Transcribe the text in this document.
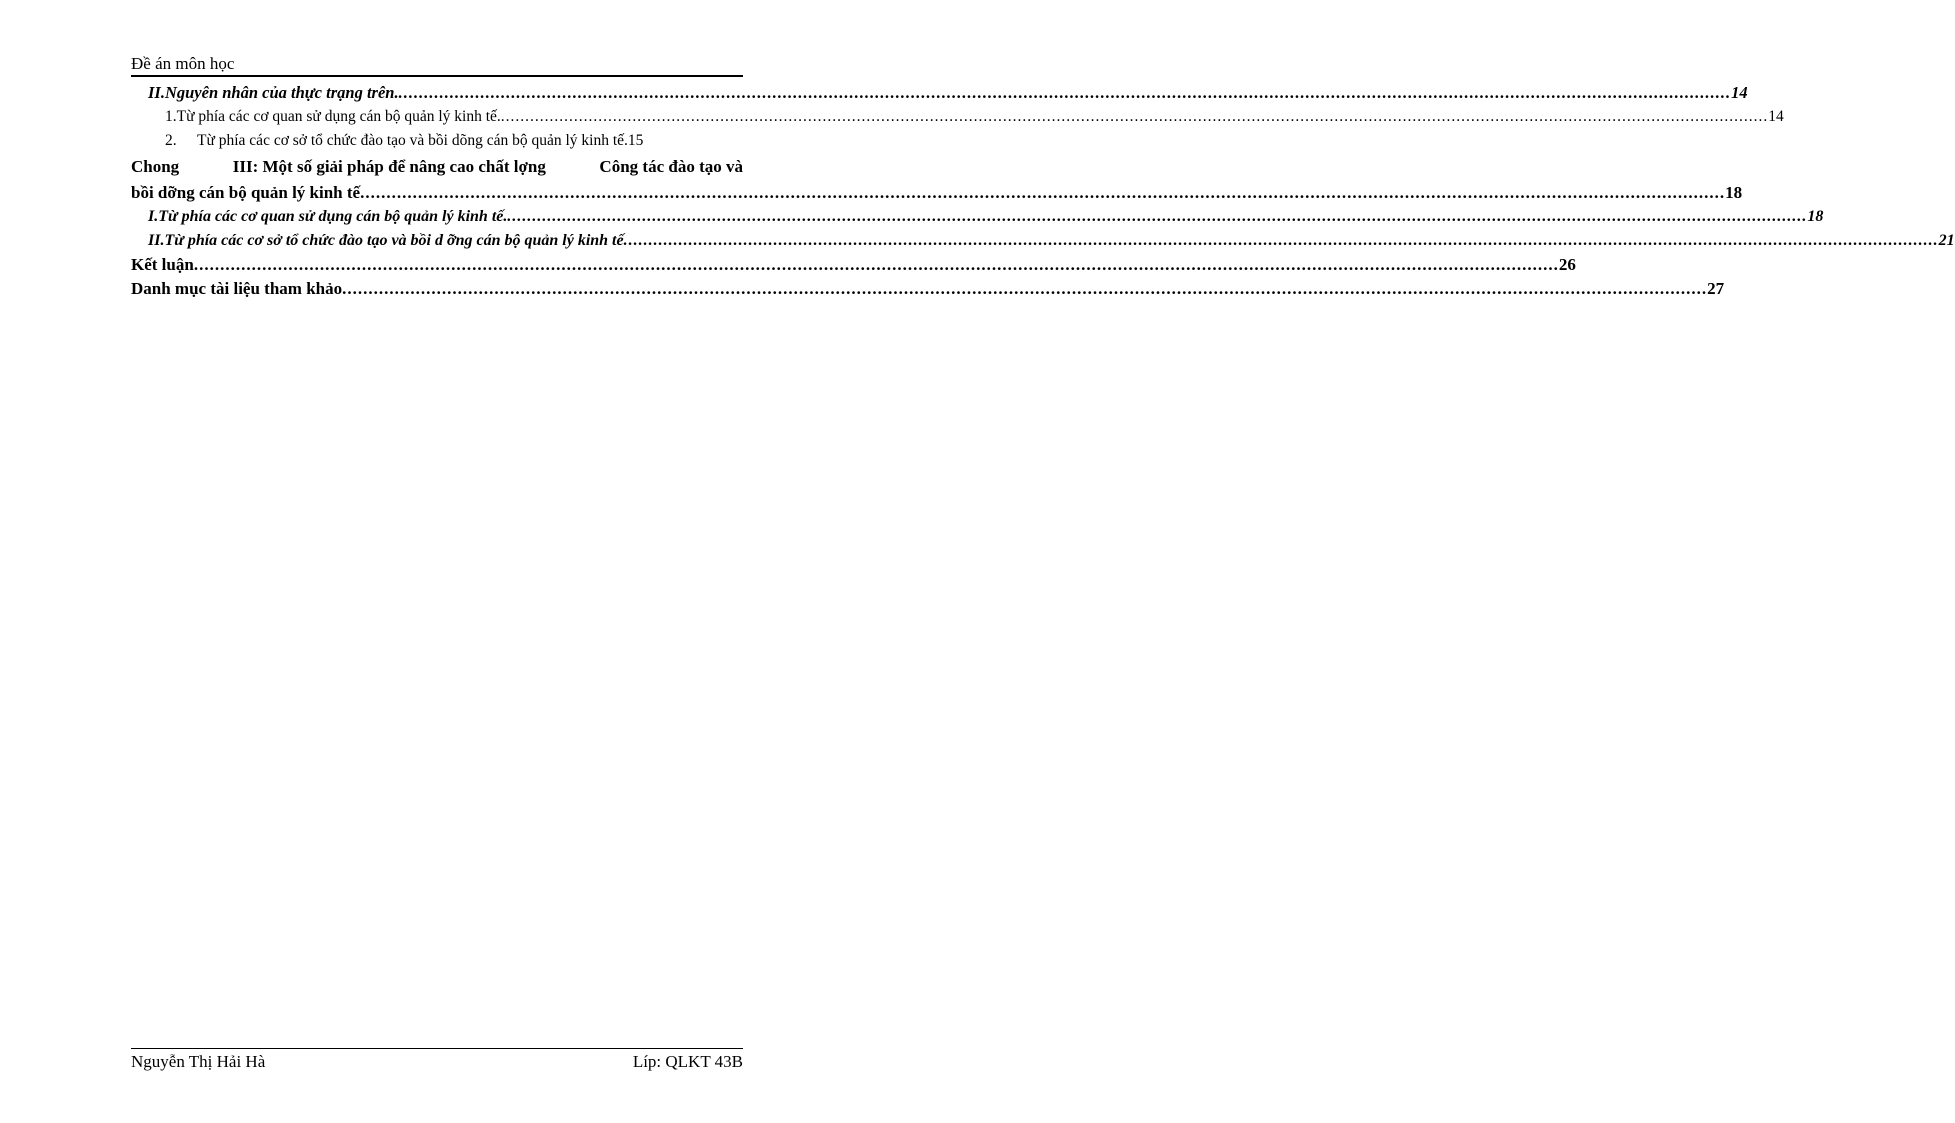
Đề án môn học
II. Nguyên nhân của thực trạng trên. .....	14
1. Từ phía các cơ quan sử dụng cán bộ quản lý kinh tế. .....	14
2.	Từ phía các cơ sở tổ chức đào tạo và bồi dõng cán bộ quản lý kinh tế. 15
Chong	III: Một số giải pháp để nâng cao chất lợng	Công tác đào tạo và
bồi dỡng cán bộ quản lý kinh tế .....	18
I. Từ phía các cơ quan sử dụng cán bộ quản lý kinh tế. .....	18
II. Từ phía các cơ sở tổ chức đào tạo và bồi d ỡng cán bộ quản lý kinh tế	..... ... 21
Kết luận .....	26
Danh mục tài liệu tham khảo .....	27
Nguyễn Thị Hải Hà	Líp: QLKT 43B
